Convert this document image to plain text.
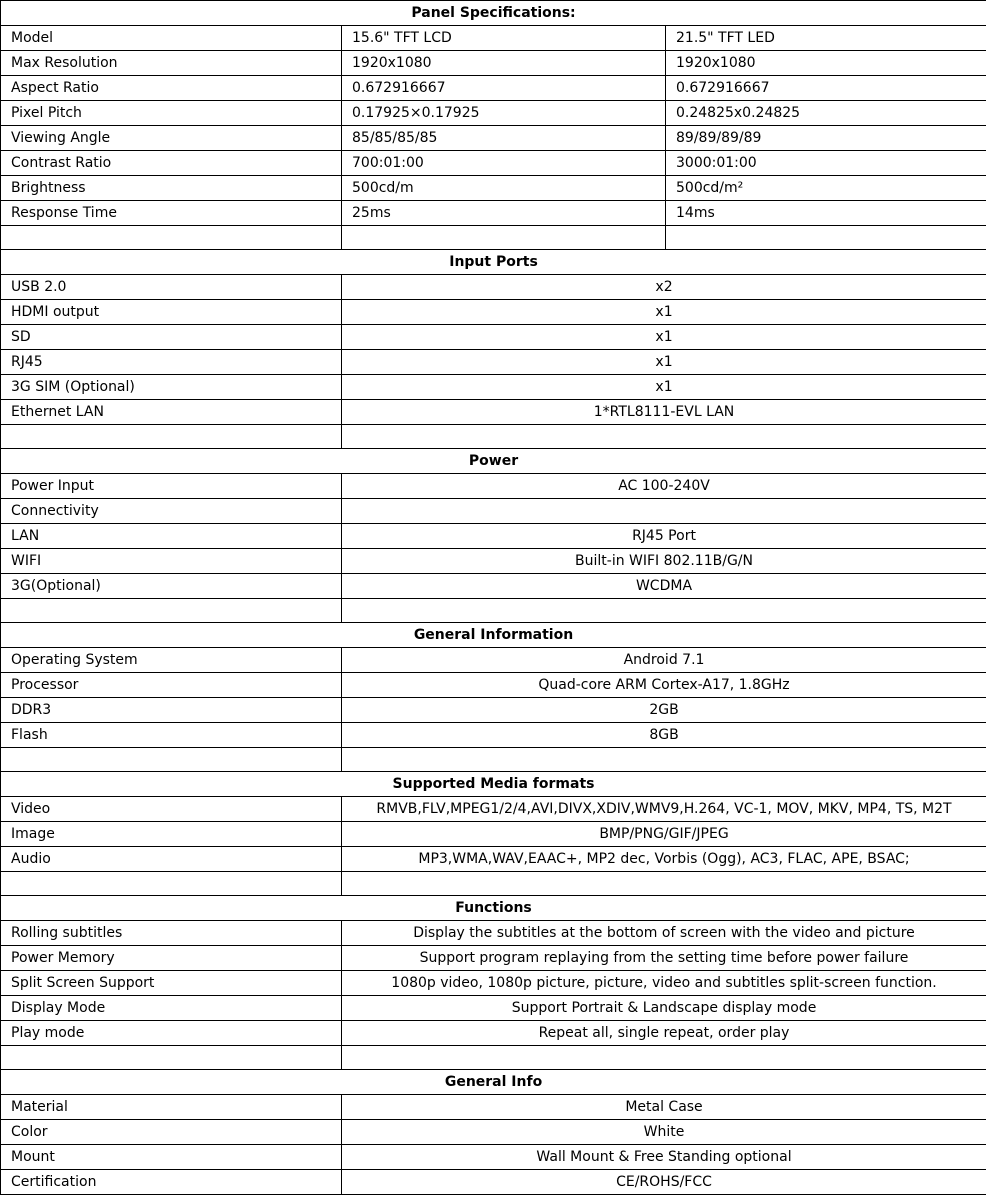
Panel Specifications:		
Model	15.6" TFT LCD	21.5" TFT LED
Max Resolution	1920x1080	1920x1080
Aspect Ratio	0.672916667	0.672916667
Pixel Pitch	0.17925×0.17925	0.24825x0.24825
Viewing Angle	85/85/85/85	89/89/89/89
Contrast Ratio	700:01:00	3000:01:00
Brightness	500cd/m	500cd/m²
Response Time	25ms	14ms

Input Ports		
USB 2.0	x2	
HDMI output	x1	
SD	x1	
RJ45	x1	
3G SIM (Optional)	x1	
Ethernet LAN	1*RTL8111-EVL LAN	

Power		
Power Input	AC 100-240V	
Connectivity		
LAN	RJ45 Port	
WIFI	Built-in WIFI 802.11B/G/N	
3G(Optional)	WCDMA	

General Information		
Operating System	Android 7.1	
Processor	Quad-core ARM Cortex-A17, 1.8GHz	
DDR3	2GB	
Flash	8GB	

Supported Media formats		
Video	RMVB,FLV,MPEG1/2/4,AVI,DIVX,XDIV,WMV9,H.264, VC-1, MOV, MKV, MP4, TS, M2T	
Image	BMP/PNG/GIF/JPEG	
Audio	MP3,WMA,WAV,EAAC+, MP2 dec, Vorbis (Ogg), AC3, FLAC, APE, BSAC;	

Functions		
Rolling subtitles	Display the subtitles at the bottom of screen with the video and picture	
Power Memory	Support program replaying from the setting time before power failure	
Split Screen Support	1080p video, 1080p picture, picture, video and subtitles split-screen function.	
Display Mode	Support Portrait & Landscape display mode	
Play mode	Repeat all, single repeat, order play	

General Info		
Material	Metal Case	
Color	White	
Mount	Wall Mount & Free Standing optional	
Certification	CE/ROHS/FCC	
